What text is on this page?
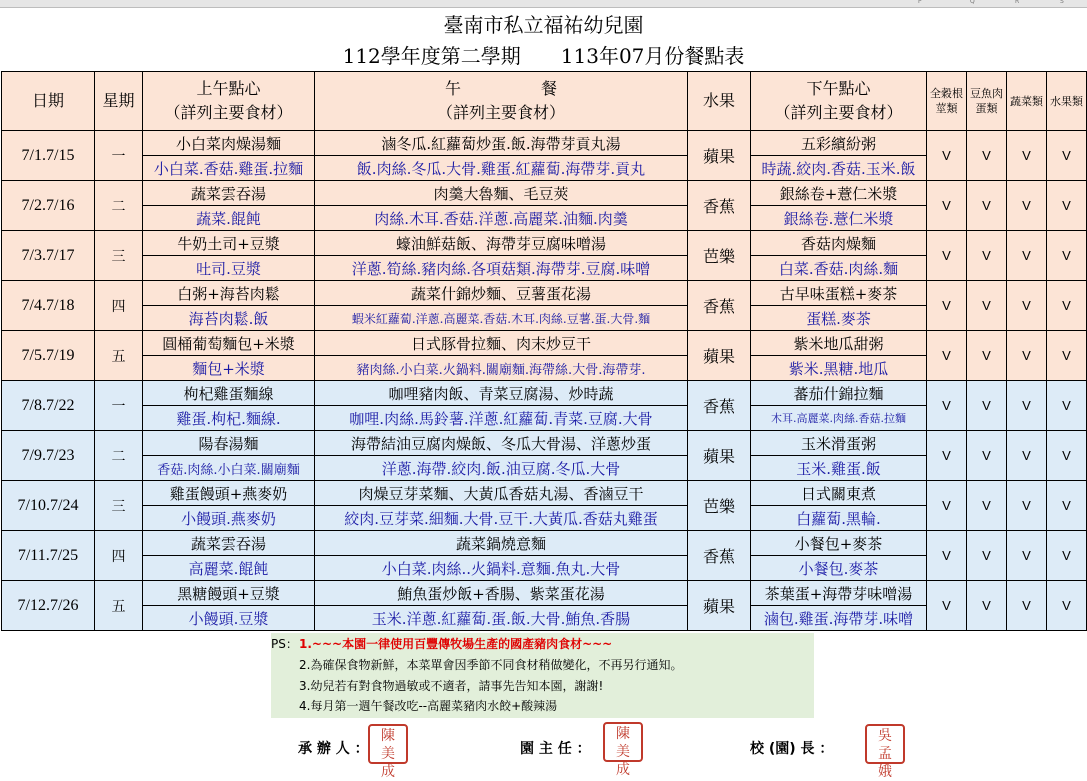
P	Q	R	S
臺南市私立福祐幼兒園
112學年度第二學期　　113年07月份餐點表
日期	星期	上午點心
（詳列主要食材）	午　　　　　餐
（詳列主要食材）	水果	下午點心
（詳列主要食材）	全穀根莖類	豆魚肉蛋類	蔬菜類	水果類
7/1.7/15	一	小白菜肉燥湯麵	滷冬瓜.紅蘿蔔炒蛋.飯.海帶芽貢丸湯	蘋果	五彩繽紛粥	V	V	V	V
		小白菜.香菇.雞蛋.拉麵	飯.肉絲.冬瓜.大骨.雞蛋.紅蘿蔔.海帶芽.貢丸		時蔬.絞肉.香菇.玉米.飯				
7/2.7/16	二	蔬菜雲吞湯	肉羹大魯麵、毛豆莢	香蕉	銀絲卷+薏仁米漿	V	V	V	V
		蔬菜.餛飩	肉絲.木耳.香菇.洋蔥.高麗菜.油麵.肉羹		銀絲卷.薏仁米漿				
7/3.7/17	三	牛奶土司+豆漿	蠔油鮮菇飯、海帶芽豆腐味噌湯	芭樂	香菇肉燥麵	V	V	V	V
		吐司.豆漿	洋蔥.筍絲.豬肉絲.各項菇類.海帶芽.豆腐.味噌		白菜.香菇.肉絲.麵				
7/4.7/18	四	白粥+海苔肉鬆	蔬菜什錦炒麵、豆薯蛋花湯	香蕉	古早味蛋糕+麥茶	V	V	V	V
		海苔肉鬆.飯	蝦米紅蘿蔔.洋蔥.高麗菜.香菇.木耳.肉絲.豆薯.蛋.大骨.麵		蛋糕.麥茶				
7/5.7/19	五	圓桶葡萄麵包+米漿	日式豚骨拉麵、肉末炒豆干	蘋果	紫米地瓜甜粥	V	V	V	V
		麵包+米漿	豬肉絲.小白菜.火鍋料.關廟麵.海帶絲.大骨.海帶芽.		紫米.黑糖.地瓜				
7/8.7/22	一	枸杞雞蛋麵線	咖哩豬肉飯、青菜豆腐湯、炒時蔬	香蕉	蕃茄什錦拉麵	V	V	V	V
		雞蛋.枸杞.麵線.	咖哩.肉絲.馬鈴薯.洋蔥.紅蘿蔔.青菜.豆腐.大骨		木耳.高麗菜.肉絲.香菇.拉麵				
7/9.7/23	二	陽春湯麵	海帶結油豆腐肉燥飯、冬瓜大骨湯、洋蔥炒蛋	蘋果	玉米滑蛋粥	V	V	V	V
		香菇.肉絲.小白菜.關廟麵	洋蔥.海帶.絞肉.飯.油豆腐.冬瓜.大骨		玉米.雞蛋.飯				
7/10.7/24	三	雞蛋饅頭+燕麥奶	肉燥豆芽菜麵、大黃瓜香菇丸湯、香滷豆干	芭樂	日式關東煮	V	V	V	V
		小饅頭.燕麥奶	絞肉.豆芽菜.細麵.大骨.豆干.大黃瓜.香菇丸雞蛋		白蘿蔔.黑輪.				
7/11.7/25	四	蔬菜雲吞湯	蔬菜鍋燒意麵	香蕉	小餐包+麥茶	V	V	V	V
		高麗菜.餛飩	小白菜.肉絲..火鍋料.意麵.魚丸.大骨		小餐包.麥茶				
7/12.7/26	五	黑糖饅頭+豆漿	鮪魚蛋炒飯+香腸、紫菜蛋花湯	蘋果	茶葉蛋+海帶芽味噌湯	V	V	V	V
		小饅頭.豆漿	玉米.洋蔥.紅蘿蔔.蛋.飯.大骨.鮪魚.香腸		滷包.雞蛋.海帶芽.味噌				
PS： 1.~~~本園一律使用百豐傳牧場生產的國產豬肉食材~~~
2.為確保食物新鮮，本菜單會因季節不同食材稍做變化，不再另行通知。
3.幼兒若有對食物過敏或不適者，請事先告知本園，謝謝!
4.每月第一週午餐改吃--高麗菜豬肉水餃+酸辣湯
承 辦 人 ：
陳
美
成
園 主 任 ：
陳
美
成
校 (園) 長 ：
吳
孟
娥
